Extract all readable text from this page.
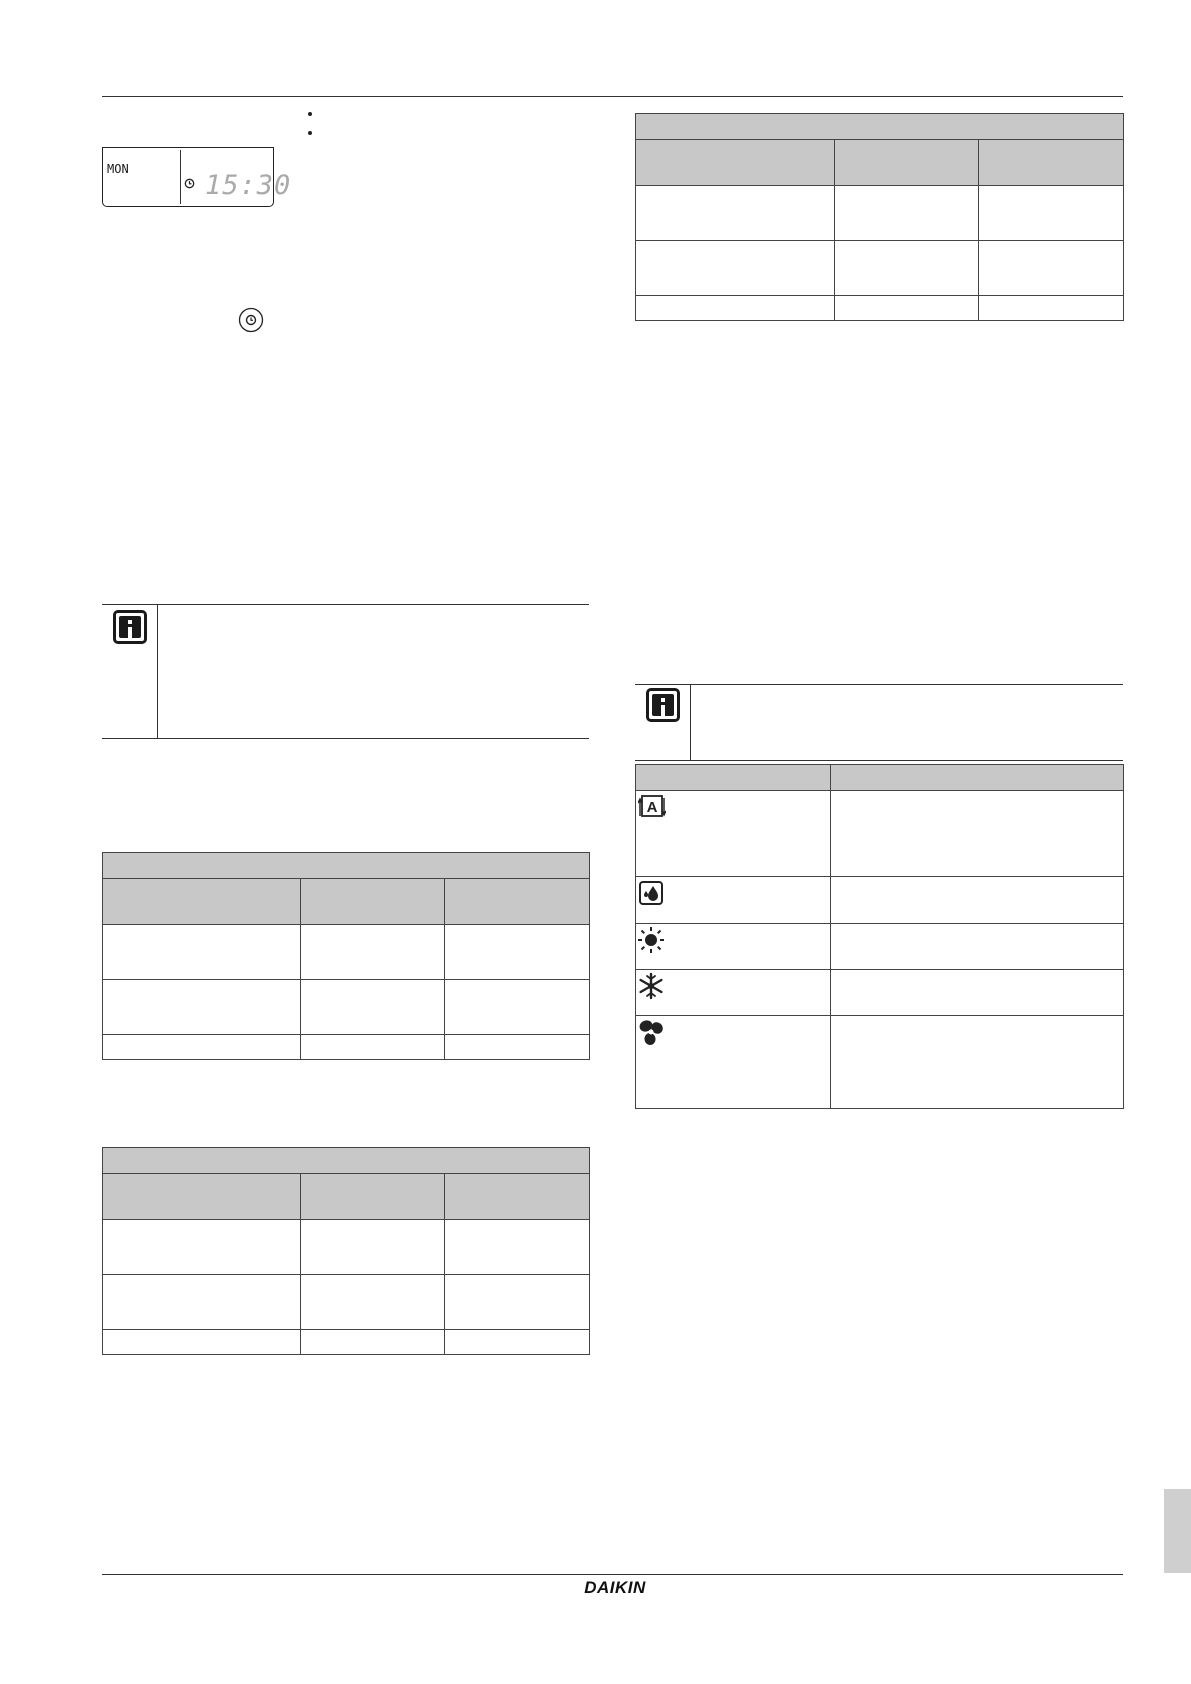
MON
15:30

A	

DAIKIN
